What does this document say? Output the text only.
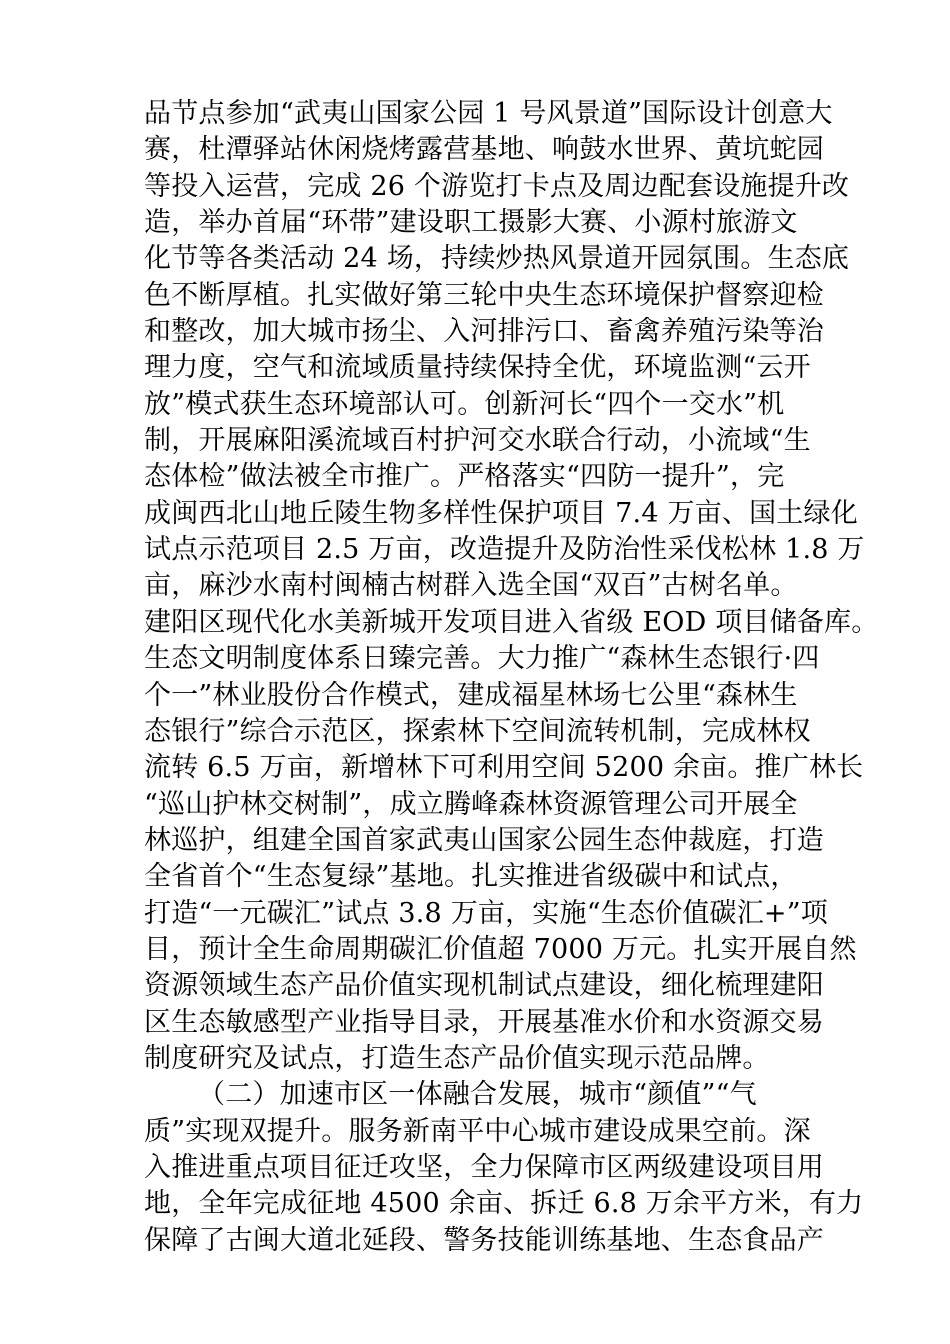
品节点参加“武夷山国家公园 1 号风景道”国际设计创意大
赛，杜潭驿站休闲烧烤露营基地、响鼓水世界、黄坑蛇园
等投入运营，完成 26 个游览打卡点及周边配套设施提升改
造，举办首届“环带”建设职工摄影大赛、小源村旅游文
化节等各类活动 24 场，持续炒热风景道开园氛围。生态底
色不断厚植。扎实做好第三轮中央生态环境保护督察迎检
和整改，加大城市扬尘、入河排污口、畜禽养殖污染等治
理力度，空气和流域质量持续保持全优，环境监测“云开
放”模式获生态环境部认可。创新河长“四个一交水”机
制，开展麻阳溪流域百村护河交水联合行动，小流域“生
态体检”做法被全市推广。严格落实“四防一提升”，完
成闽西北山地丘陵生物多样性保护项目 7.4 万亩、国土绿化
试点示范项目 2.5 万亩，改造提升及防治性采伐松林 1.8 万
亩，麻沙水南村闽楠古树群入选全国“双百”古树名单。
建阳区现代化水美新城开发项目进入省级 EOD 项目储备库。
生态文明制度体系日臻完善。大力推广“森林生态银行·四
个一”林业股份合作模式，建成福星林场七公里“森林生
态银行”综合示范区，探索林下空间流转机制，完成林权
流转 6.5 万亩，新增林下可利用空间 5200 余亩。推广林长
“巡山护林交树制”，成立腾峰森林资源管理公司开展全
林巡护，组建全国首家武夷山国家公园生态仲裁庭，打造
全省首个“生态复绿”基地。扎实推进省级碳中和试点，
打造“一元碳汇”试点 3.8 万亩，实施“生态价值碳汇+”项
目，预计全生命周期碳汇价值超 7000 万元。扎实开展自然
资源领域生态产品价值实现机制试点建设，细化梳理建阳
区生态敏感型产业指导目录，开展基准水价和水资源交易
制度研究及试点，打造生态产品价值实现示范品牌。
（二）加速市区一体融合发展，城市“颜值”“气
质”实现双提升。服务新南平中心城市建设成果空前。深
入推进重点项目征迁攻坚，全力保障市区两级建设项目用
地，全年完成征地 4500 余亩、拆迁 6.8 万余平方米，有力
保障了古闽大道北延段、警务技能训练基地、生态食品产
